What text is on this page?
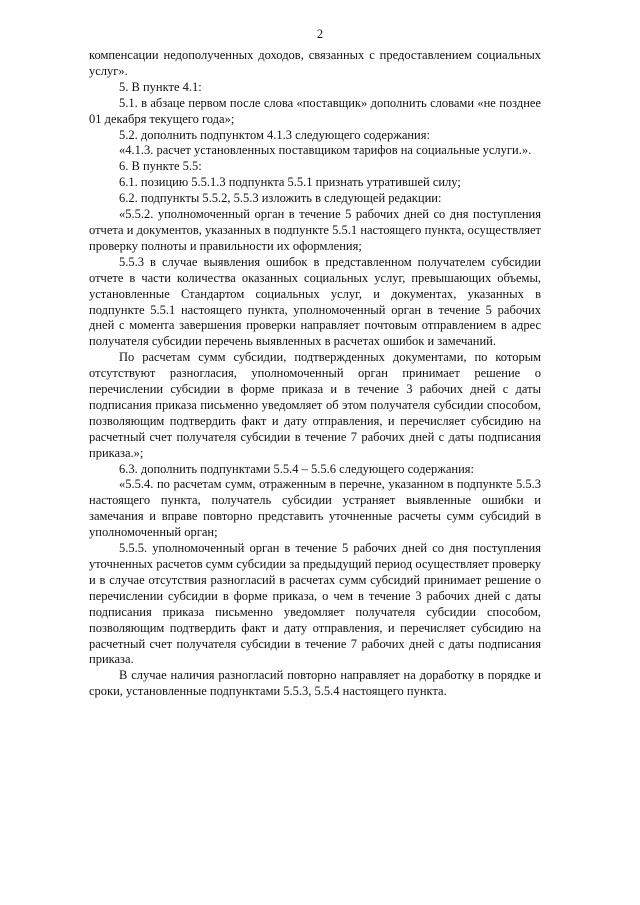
2

компенсации недополученных доходов, связанных с предоставлением социальных услуг».

5. В пункте 4.1:

5.1. в абзаце первом после слова «поставщик» дополнить словами «не позднее 01 декабря текущего года»;

5.2. дополнить подпунктом 4.1.3 следующего содержания:

«4.1.3. расчет установленных поставщиком тарифов на социальные услуги.».

6. В пункте 5.5:

6.1. позицию 5.5.1.3 подпункта 5.5.1 признать утратившей силу;

6.2. подпункты 5.5.2, 5.5.3 изложить в следующей редакции:

«5.5.2. уполномоченный орган в течение 5 рабочих дней со дня поступления отчета и документов, указанных в подпункте 5.5.1 настоящего пункта, осуществляет проверку полноты и правильности их оформления;

5.5.3 в случае выявления ошибок в представленном получателем субсидии отчете в части количества оказанных социальных услуг, превышающих объемы, установленные Стандартом социальных услуг, и документах, указанных в подпункте 5.5.1 настоящего пункта, уполномоченный орган в течение 5 рабочих дней с момента завершения проверки направляет почтовым отправлением в адрес получателя субсидии перечень выявленных в расчетах ошибок и замечаний.

По расчетам сумм субсидии, подтвержденных документами, по которым отсутствуют разногласия, уполномоченный орган принимает решение о перечислении субсидии в форме приказа и в течение 3 рабочих дней с даты подписания приказа письменно уведомляет об этом получателя субсидии способом, позволяющим подтвердить факт и дату отправления, и перечисляет субсидию на расчетный счет получателя субсидии в течение 7 рабочих дней с даты подписания приказа.»;

6.3. дополнить подпунктами 5.5.4 – 5.5.6 следующего содержания:

«5.5.4. по расчетам сумм, отраженным в перечне, указанном в подпункте 5.5.3 настоящего пункта, получатель субсидии устраняет выявленные ошибки и замечания и вправе повторно представить уточненные расчеты сумм субсидий в уполномоченный орган;

5.5.5. уполномоченный орган в течение 5 рабочих дней со дня поступления уточненных расчетов сумм субсидии за предыдущий период осуществляет проверку и в случае отсутствия разногласий в расчетах сумм субсидий принимает решение о перечислении субсидии в форме приказа, о чем в течение 3 рабочих дней с даты подписания приказа письменно уведомляет получателя субсидии способом, позволяющим подтвердить факт и дату отправления, и перечисляет субсидию на расчетный счет получателя субсидии в течение 7 рабочих дней с даты подписания приказа.

В случае наличия разногласий повторно направляет на доработку в порядке и сроки, установленные подпунктами 5.5.3, 5.5.4 настоящего пункта.
